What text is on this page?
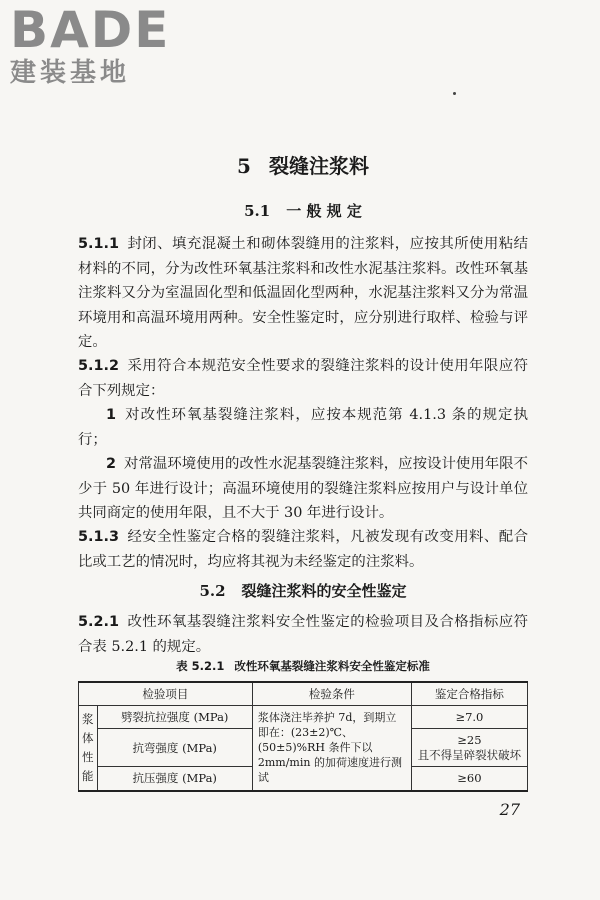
BADE
建装基地
5 裂缝注浆料
5.1 一 般 规 定
5.1.1 封闭、填充混凝土和砌体裂缝用的注浆料，应按其所使用粘结材料的不同，分为改性环氧基注浆料和改性水泥基注浆料。改性环氧基注浆料又分为室温固化型和低温固化型两种，水泥基注浆料又分为常温环境用和高温环境用两种。安全性鉴定时，应分别进行取样、检验与评定。
5.1.2 采用符合本规范安全性要求的裂缝注浆料的设计使用年限应符合下列规定：
1 对改性环氧基裂缝注浆料，应按本规范第 4.1.3 条的规定执行；
2 对常温环境使用的改性水泥基裂缝注浆料，应按设计使用年限不少于 50 年进行设计；高温环境使用的裂缝注浆料应按用户与设计单位共同商定的使用年限，且不大于 30 年进行设计。
5.1.3 经安全性鉴定合格的裂缝注浆料，凡被发现有改变用料、配合比或工艺的情况时，均应将其视为未经鉴定的注浆料。
5.2 裂缝注浆料的安全性鉴定
5.2.1 改性环氧基裂缝注浆料安全性鉴定的检验项目及合格指标应符合表 5.2.1 的规定。
表 5.2.1 改性环氧基裂缝注浆料安全性鉴定标准
检验项目		检验条件	鉴定合格指标
浆体性能	劈裂抗拉强度 (MPa)	浆体浇注毕养护 7d，到期立即在：(23±2)℃、(50±5)%RH 条件下以 2mm/min 的加荷速度进行测试	≥7.0
	抗弯强度 (MPa)		≥25
且不得呈碎裂状破坏

	抗压强度 (MPa)		≥60
27
